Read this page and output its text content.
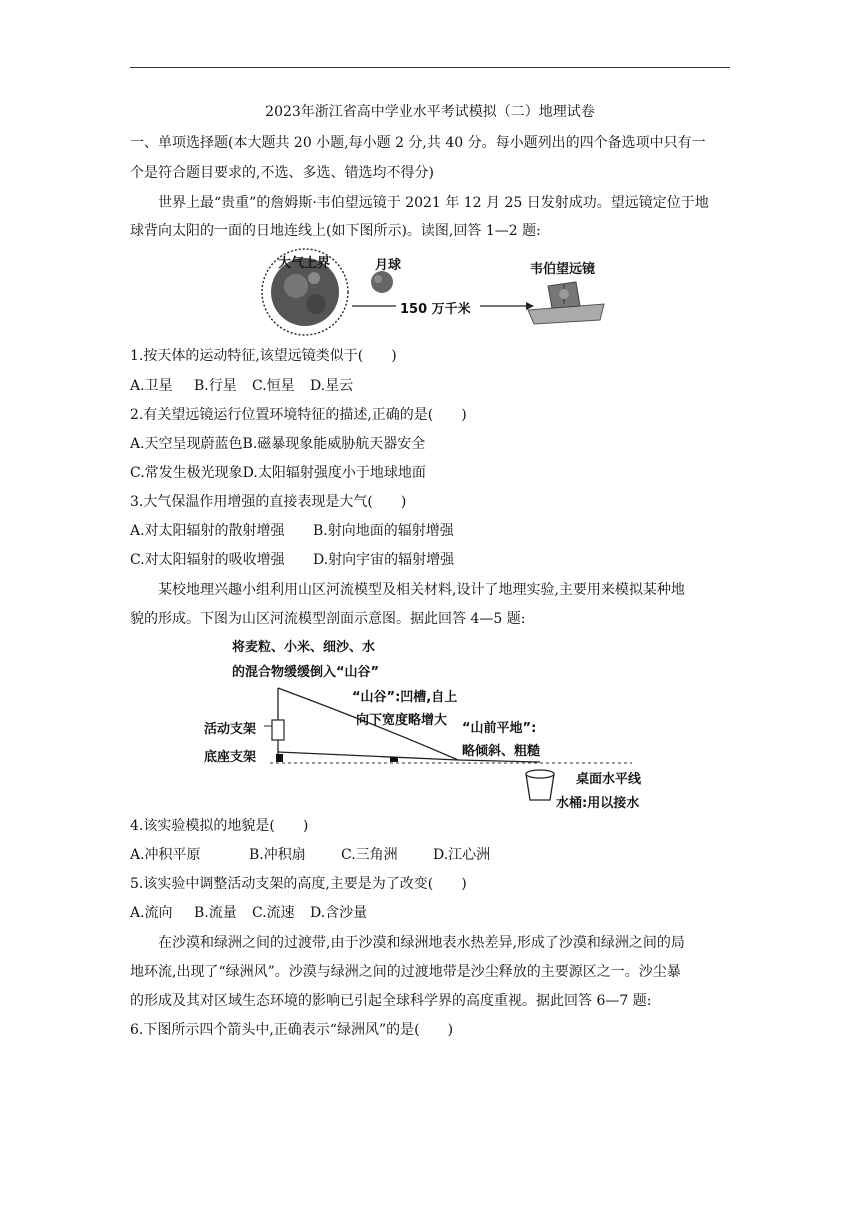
2023年浙江省高中学业水平考试模拟（二）地理试卷
一、单项选择题(本大题共 20 小题,每小题 2 分,共 40 分。每小题列出的四个备选项中只有一
个是符合题目要求的,不选、多选、错选均不得分)
世界上最“贵重”的詹姆斯·韦伯望远镜于 2021 年 12 月 25 日发射成功。望远镜定位于地
球背向太阳的一面的日地连线上(如下图所示)。读图,回答 1—2 题:
大气上界	月球
150 万千米
韦伯望远镜
1.按天体的运动特征,该望远镜类似于(　　)
A.卫星 B.行星 C.恒星 D.星云
2.有关望远镜运行位置环境特征的描述,正确的是(　　)
A.天空呈现蔚蓝色B.磁暴现象能威胁航天器安全
C.常发生极光现象D.太阳辐射强度小于地球地面
3.大气保温作用增强的直接表现是大气(　　)
A.对太阳辐射的散射增强 B.射向地面的辐射增强
C.对太阳辐射的吸收增强 D.射向宇宙的辐射增强
某校地理兴趣小组利用山区河流模型及相关材料,设计了地理实验,主要用来模拟某种地
貌的形成。下图为山区河流模型剖面示意图。据此回答 4—5 题:
将麦粒、小米、细沙、水
的混合物缓缓倒入“山谷”
“山谷”:凹槽,自上
向下宽度略增大
“山前平地”:
略倾斜、粗糙
活动支架
底座支架
桌面水平线
水桶:用以接水
4.该实验模拟的地貌是(　　)
A.冲积平原	B.冲积扇	C.三角洲	D.江心洲
5.该实验中调整活动支架的高度,主要是为了改变(　　)
A.流向 B.流量 C.流速 D.含沙量
在沙漠和绿洲之间的过渡带,由于沙漠和绿洲地表水热差异,形成了沙漠和绿洲之间的局
地环流,出现了“绿洲风”。沙漠与绿洲之间的过渡地带是沙尘释放的主要源区之一。沙尘暴
的形成及其对区域生态环境的影响已引起全球科学界的高度重视。据此回答 6—7 题:
6.下图所示四个箭头中,正确表示“绿洲风”的是(　　)
